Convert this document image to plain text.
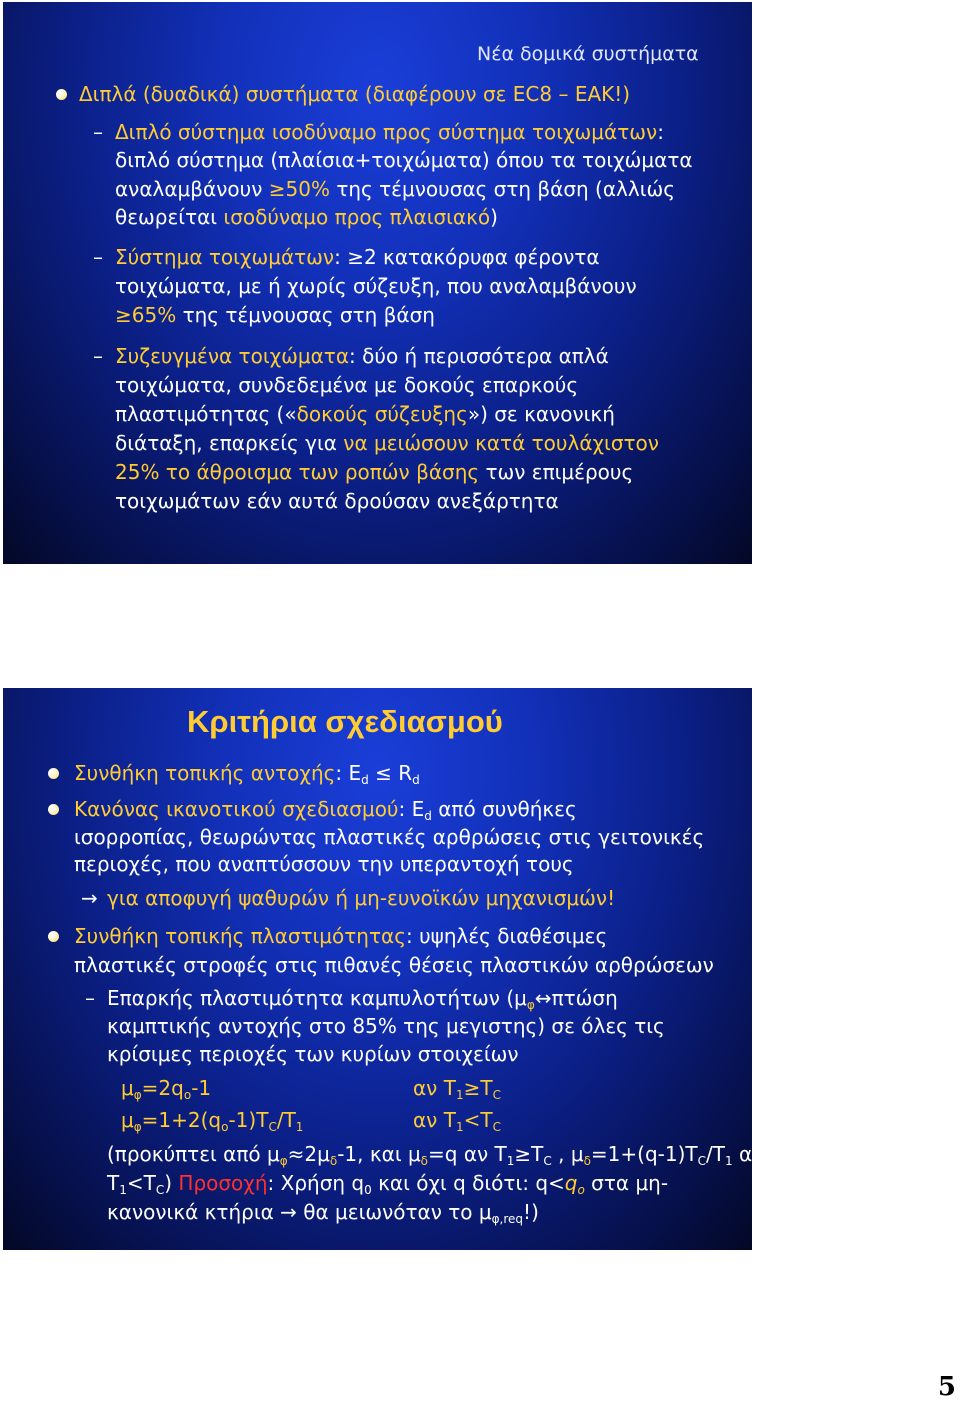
Νέα δομικά συστήματα
Διπλά (δυαδικά) συστήματα (διαφέρουν σε EC8 – ΕΑΚ!)
– Διπλό σύστημα ισοδύναμο προς σύστημα τοιχωμάτων:
διπλό σύστημα (πλαίσια+τοιχώματα) όπου τα τοιχώματα
αναλαμβάνουν ≥50% της τέμνουσας στη βάση (αλλιώς
θεωρείται ισοδύναμο προς πλαισιακό)
– Σύστημα τοιχωμάτων: ≥2 κατακόρυφα φέροντα
τοιχώματα, με ή χωρίς σύζευξη, που αναλαμβάνουν
≥65% της τέμνουσας στη βάση
– Συζευγμένα τοιχώματα: δύο ή περισσότερα απλά
τοιχώματα, συνδεδεμένα με δοκούς επαρκούς
πλαστιμότητας («δοκούς σύζευξης») σε κανονική
διάταξη, επαρκείς για να μειώσουν κατά τουλάχιστον
25% το άθροισμα των ροπών βάσης των επιμέρους
τοιχωμάτων εάν αυτά δρούσαν ανεξάρτητα
Κριτήρια σχεδιασμού
Συνθήκη τοπικής αντοχής: $E_d \le R_d$
Κανόνας ικανοτικού σχεδιασμού: $E_d$ από συνθήκες
ισορροπίας, θεωρώντας πλαστικές αρθρώσεις στις γειτονικές
περιοχές, που αναπτύσσουν την υπεραντοχή τους
→ για αποφυγή ψαθυρών ή μη-ευνοϊκών μηχανισμών!
Συνθήκη τοπικής πλαστιμότητας: υψηλές διαθέσιμες
πλαστικές στροφές στις πιθανές θέσεις πλαστικών αρθρώσεων
– Επαρκής πλαστιμότητα καμπυλοτήτων ($\mu_\varphi\leftrightarrow\pi\tau ώ\sigma\eta$
καμπτικής αντοχής στο 85% της μεγιστης) σε όλες τις
κρίσιμες περιοχές των κυρίων στοιχείων
$\mu_\varphi=2q_o-1$	αν $T_1\ge T_C$
$\mu_\varphi=1+2(q_o-1)T_C/T_1$	αν $T_1<T_C$
(προκύπτει από $\mu_\varphi\approx 2\mu_\delta-1$, και $\mu_\delta=q$ αν $T_1\ge T_C$ , $\mu_\delta=1+(q-1)T_C/T_1$ αν
$T_1<T_C$) Προσοχή: Χρήση $q_0$ και όχι q διότι: $q<q_o$ στα μη-
κανονικά κτήρια → θα μειωνόταν το $\mu_{\varphi,req}$!)
5
